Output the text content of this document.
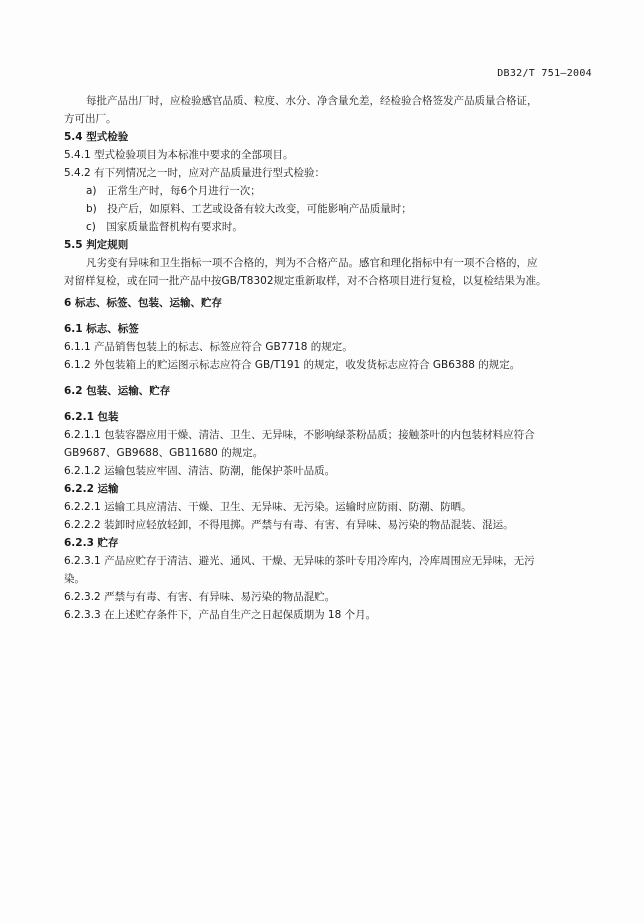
DB32/T 751—2004
每批产品出厂时，应检验感官品质、粒度、水分、净含量允差，经检验合格签发产品质量合格证，
方可出厂。
5.4 型式检验
5.4.1 型式检验项目为本标准中要求的全部项目。
5.4.2 有下列情况之一时，应对产品质量进行型式检验：
a)　正常生产时，每6个月进行一次；
b)　投产后，如原料、工艺或设备有较大改变，可能影响产品质量时；
c)　国家质量监督机构有要求时。
5.5 判定规则
凡劣变有异味和卫生指标一项不合格的，判为不合格产品。感官和理化指标中有一项不合格的，应
对留样复检，或在同一批产品中按GB/T8302规定重新取样，对不合格项目进行复检，以复检结果为准。
6 标志、标签、包装、运输、贮存
6.1 标志、标签
6.1.1 产品销售包装上的标志、标签应符合 GB7718 的规定。
6.1.2 外包装箱上的贮运图示标志应符合 GB/T191 的规定，收发货标志应符合 GB6388 的规定。
6.2 包装、运输、贮存
6.2.1 包装
6.2.1.1 包装容器应用干燥、清洁、卫生、无异味，不影响绿茶粉品质；接触茶叶的内包装材料应符合
GB9687、GB9688、GB11680 的规定。
6.2.1.2 运输包装应牢固、清洁、防潮，能保护茶叶品质。
6.2.2 运输
6.2.2.1 运输工具应清洁、干燥、卫生、无异味、无污染。运输时应防雨、防潮、防晒。
6.2.2.2 装卸时应轻放轻卸，不得甩掷。严禁与有毒、有害、有异味、易污染的物品混装、混运。
6.2.3 贮存
6.2.3.1 产品应贮存于清洁、避光、通风、干燥、无异味的茶叶专用冷库内，冷库周围应无异味，无污
染。
6.2.3.2 严禁与有毒、有害、有异味、易污染的物品混贮。
6.2.3.3 在上述贮存条件下，产品自生产之日起保质期为 18 个月。
